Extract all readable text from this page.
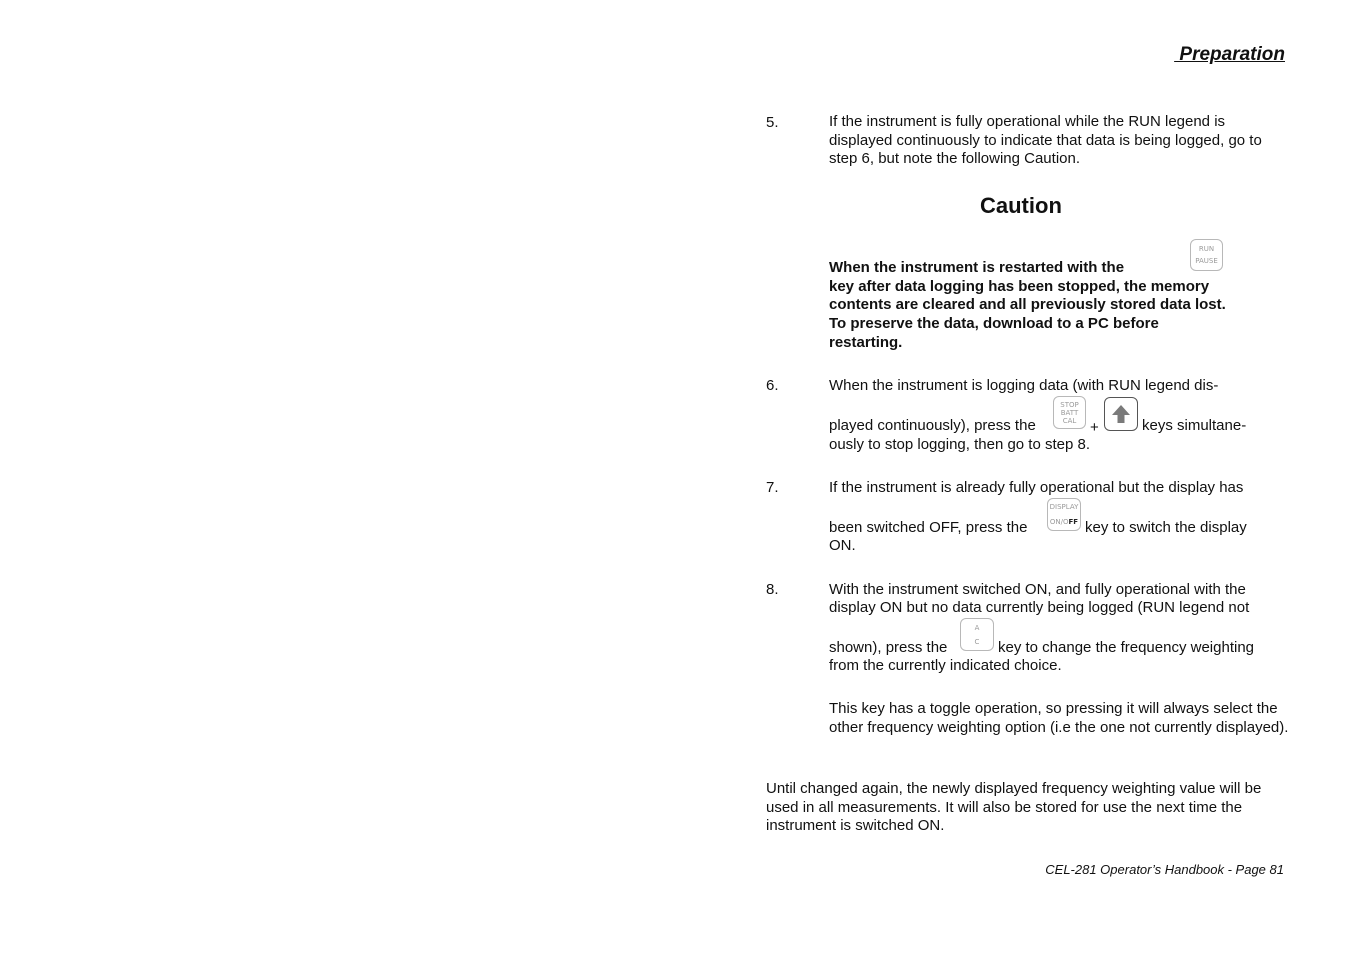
Preparation
5.	If the instrument is fully operational while the RUN legend is displayed continuously to indicate that data is being logged, go to step 6, but note the following Caution.
Caution
RUN
PAUSE
When the instrument is restarted with the
key after data logging has been stopped, the memory contents are cleared and all previously stored data lost. To preserve the data, download to a PC before restarting.
6.	When the instrument is logging data (with RUN legend dis-
played continuously), press the
STOP
BATT
CAL +	keys simultane-
ously to stop logging, then go to step 8.
7.	If the instrument is already fully operational but the display has
been switched OFF, press the
DISPLAY
ON/OFF key to switch the display
ON.
8.	With the instrument switched ON, and fully operational with the
display ON but no data currently being logged (RUN legend not
shown), press the
A
C key to change the frequency weighting
from the currently indicated choice.
This key has a toggle operation, so pressing it will always select the other frequency weighting option (i.e the one not currently displayed).
Until changed again, the newly displayed frequency weighting value will be used in all measurements. It will also be stored for use the next time the instrument is switched ON.
CEL-281 Operator’s Handbook - Page 81
